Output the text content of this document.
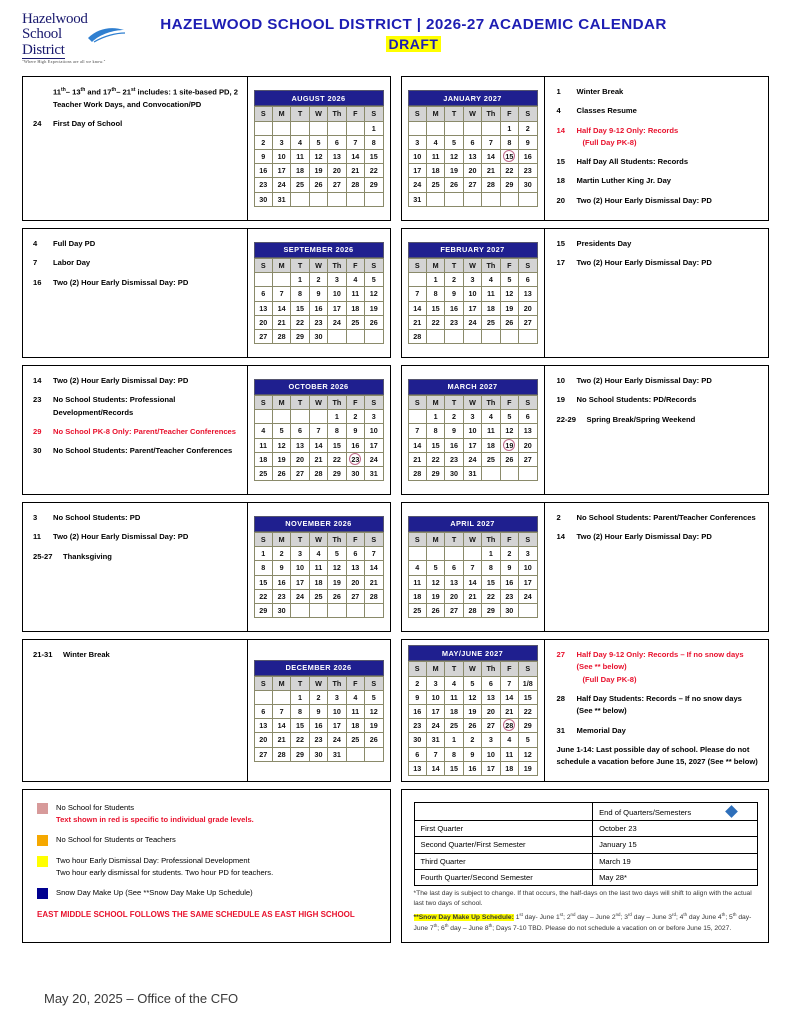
Hazelwood
School
District
"Where High Expectations are all we know."
HAZELWOOD SCHOOL DISTRICT | 2026-27 ACADEMIC CALENDAR
DRAFT
11th– 13th and 17th– 21st includes: 1 site-based PD, 2 Teacher Work Days, and Convocation/PD
24	First Day of School
AUGUST 2026
S	M	T	W	Th	F	S
						1
2	3	4	5	6	7	8
9	10	11	12	13	14	15
16	17	18	19	20	21	22
23	24	25	26	27	28	29
30	31					
JANUARY 2027
S	M	T	W	Th	F	S
					1	2
3	4	5	6	7	8	9
10	11	12	13	14	15	16
17	18	19	20	21	22	23
24	25	26	27	28	29	30
31						
1	Winter Break
4	Classes Resume
14	Half Day 9-12 Only: Records
(Full Day PK-8)
15	Half Day All Students: Records
18	Martin Luther King Jr. Day
20	Two (2) Hour Early Dismissal Day: PD
4	Full Day PD
7	Labor Day
16	Two (2) Hour Early Dismissal Day: PD
SEPTEMBER 2026
S	M	T	W	Th	F	S
		1	2	3	4	5
6	7	8	9	10	11	12
13	14	15	16	17	18	19
20	21	22	23	24	25	26
27	28	29	30			
FEBRUARY 2027
S	M	T	W	Th	F	S
	1	2	3	4	5	6
7	8	9	10	11	12	13
14	15	16	17	18	19	20
21	22	23	24	25	26	27
28						
15	Presidents Day
17	Two (2) Hour Early Dismissal Day: PD
14	Two (2) Hour Early Dismissal Day: PD
23	No School Students: Professional Development/Records
29	No School PK-8 Only: Parent/Teacher Conferences
30	No School Students: Parent/Teacher Conferences
OCTOBER 2026
S	M	T	W	Th	F	S
				1	2	3
4	5	6	7	8	9	10
11	12	13	14	15	16	17
18	19	20	21	22	23	24
25	26	27	28	29	30	31
MARCH 2027
S	M	T	W	Th	F	S
	1	2	3	4	5	6
7	8	9	10	11	12	13
14	15	16	17	18	19	20
21	22	23	24	25	26	27
28	29	30	31			
10	Two (2) Hour Early Dismissal Day: PD
19	No School Students: PD/Records
22-29	Spring Break/Spring Weekend
3	No School Students: PD
11	Two (2) Hour Early Dismissal Day: PD
25-27	Thanksgiving
NOVEMBER 2026
S	M	T	W	Th	F	S
1	2	3	4	5	6	7
8	9	10	11	12	13	14
15	16	17	18	19	20	21
22	23	24	25	26	27	28
29	30					
APRIL 2027
S	M	T	W	Th	F	S
				1	2	3
4	5	6	7	8	9	10
11	12	13	14	15	16	17
18	19	20	21	22	23	24
25	26	27	28	29	30	
2	No School Students: Parent/Teacher Conferences
14	Two (2) Hour Early Dismissal Day: PD
21-31	Winter Break
DECEMBER 2026
S	M	T	W	Th	F	S
		1	2	3	4	5
6	7	8	9	10	11	12
13	14	15	16	17	18	19
20	21	22	23	24	25	26
27	28	29	30	31		
MAY/JUNE 2027
S	M	T	W	Th	F	S
2	3	4	5	6	7	1/8
9	10	11	12	13	14	15
16	17	18	19	20	21	22
23	24	25	26	27	28	29
30	31	1	2	3	4	5
6	7	8	9	10	11	12
13	14	15	16	17	18	19
27	Half Day 9-12 Only: Records – If no snow days (See ** below)
(Full Day PK-8)
28	Half Day Students: Records – If no snow days (See ** below)
31	Memorial Day
June 1-14: Last possible day of school. Please do not schedule a vacation before June 15, 2027 (See ** below)
No School for Students
Text shown in red is specific to individual grade levels.
No School for Students or Teachers
Two hour Early Dismissal Day: Professional Development
Two hour early dismissal for students. Two hour PD for teachers.
Snow Day Make Up (See **Snow Day Make Up Schedule)
EAST MIDDLE SCHOOL FOLLOWS THE SAME SCHEDULE AS EAST HIGH SCHOOL
	End of Quarters/Semesters
First Quarter	October 23
Second Quarter/First Semester	January 15
Third Quarter	March 19
Fourth Quarter/Second Semester	May 28*
*The last day is subject to change. If that occurs, the half-days on the last two days will shift to align with the actual last two days of school.
**Snow Day Make Up Schedule: 1st day- June 1st; 2nd day – June 2nd; 3rd day – June 3rd; 4th day June 4th; 5th day- June 7th; 6th day – June 8th; Days 7-10 TBD. Please do not schedule a vacation on or before June 15, 2027.
May 20, 2025 – Office of the CFO
